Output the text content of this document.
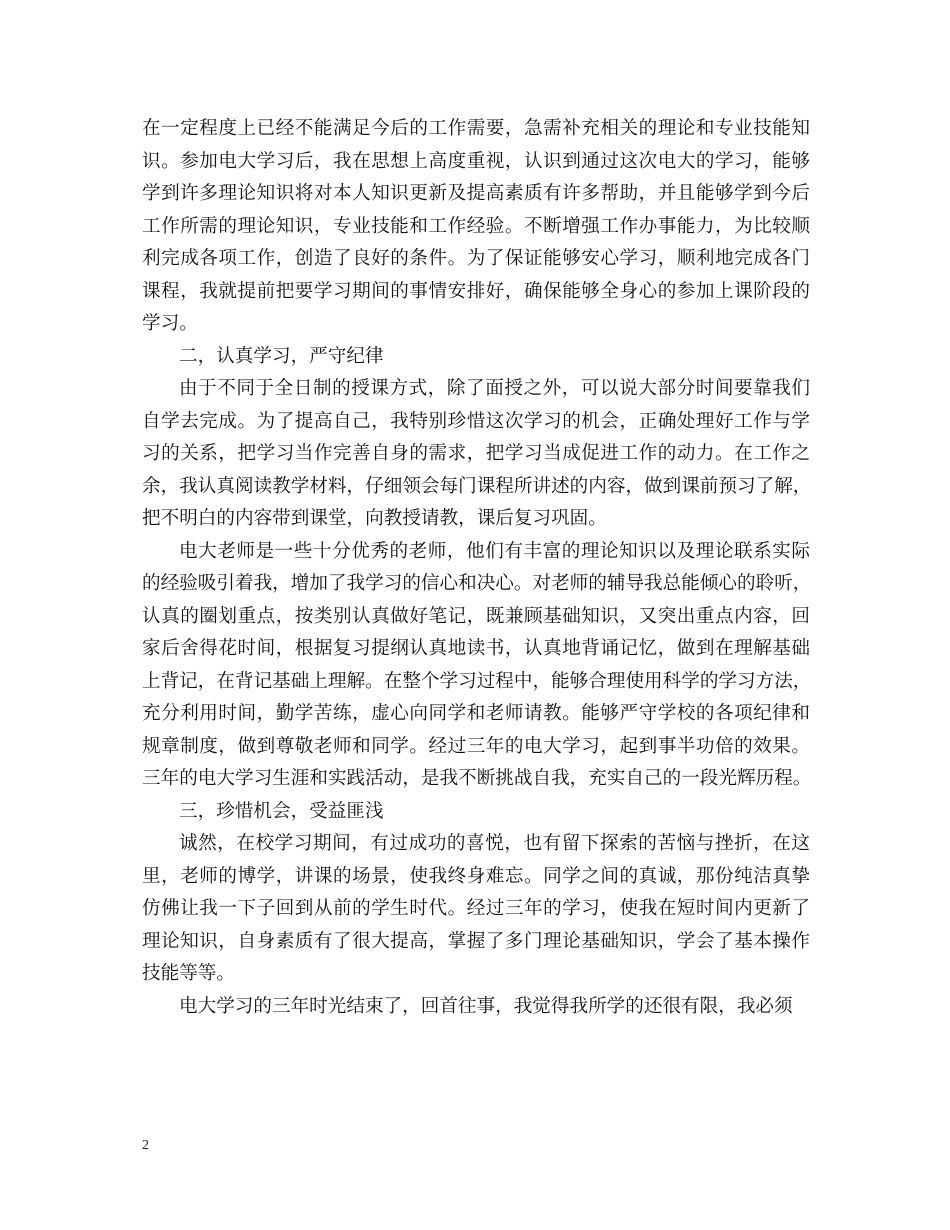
在一定程度上已经不能满足今后的工作需要，急需补充相关的理论和专业技能知
识。参加电大学习后，我在思想上高度重视，认识到通过这次电大的学习，能够
学到许多理论知识将对本人知识更新及提高素质有许多帮助，并且能够学到今后
工作所需的理论知识，专业技能和工作经验。不断增强工作办事能力，为比较顺
利完成各项工作，创造了良好的条件。为了保证能够安心学习，顺利地完成各门
课程，我就提前把要学习期间的事情安排好，确保能够全身心的参加上课阶段的
学习。
二，认真学习，严守纪律
由于不同于全日制的授课方式，除了面授之外，可以说大部分时间要靠我们
自学去完成。为了提高自己，我特别珍惜这次学习的机会，正确处理好工作与学
习的关系，把学习当作完善自身的需求，把学习当成促进工作的动力。在工作之
余，我认真阅读教学材料，仔细领会每门课程所讲述的内容，做到课前预习了解，
把不明白的内容带到课堂，向教授请教，课后复习巩固。
电大老师是一些十分优秀的老师，他们有丰富的理论知识以及理论联系实际
的经验吸引着我，增加了我学习的信心和决心。对老师的辅导我总能倾心的聆听，
认真的圈划重点，按类别认真做好笔记，既兼顾基础知识，又突出重点内容，回
家后舍得花时间，根据复习提纲认真地读书，认真地背诵记忆，做到在理解基础
上背记，在背记基础上理解。在整个学习过程中，能够合理使用科学的学习方法，
充分利用时间，勤学苦练，虚心向同学和老师请教。能够严守学校的各项纪律和
规章制度，做到尊敬老师和同学。经过三年的电大学习，起到事半功倍的效果。
三年的电大学习生涯和实践活动，是我不断挑战自我，充实自己的一段光辉历程。
三，珍惜机会，受益匪浅
诚然，在校学习期间，有过成功的喜悦，也有留下探索的苦恼与挫折，在这
里，老师的博学，讲课的场景，使我终身难忘。同学之间的真诚，那份纯洁真挚
仿佛让我一下子回到从前的学生时代。经过三年的学习，使我在短时间内更新了
理论知识，自身素质有了很大提高，掌握了多门理论基础知识，学会了基本操作
技能等等。
电大学习的三年时光结束了，回首往事，我觉得我所学的还很有限，我必须
2
